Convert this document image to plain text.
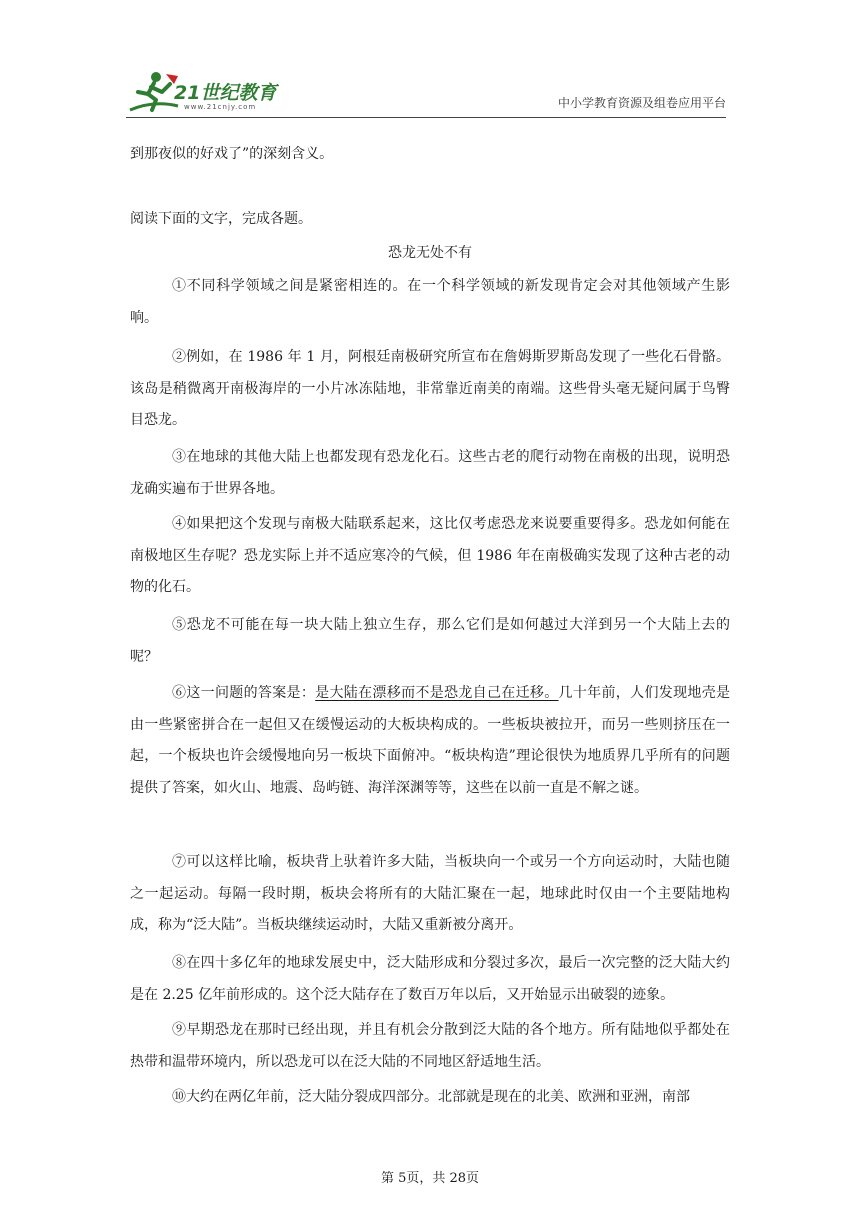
21世纪教育
www.21cnjy.com	中小学教育资源及组卷应用平台

到那夜似的好戏了”的深刻含义。

阅读下面的文字，完成各题。

恐龙无处不有

①不同科学领域之间是紧密相连的。在一个科学领域的新发现肯定会对其他领域产生影响。

②例如，在 1986 年 1 月，阿根廷南极研究所宣布在詹姆斯罗斯岛发现了一些化石骨骼。该岛是稍微离开南极海岸的一小片冰冻陆地，非常靠近南美的南端。这些骨头毫无疑问属于鸟臀目恐龙。

③在地球的其他大陆上也都发现有恐龙化石。这些古老的爬行动物在南极的出现，说明恐龙确实遍布于世界各地。

④如果把这个发现与南极大陆联系起来，这比仅考虑恐龙来说要重要得多。恐龙如何能在南极地区生存呢？恐龙实际上并不适应寒冷的气候，但 1986 年在南极确实发现了这种古老的动物的化石。

⑤恐龙不可能在每一块大陆上独立生存，那么它们是如何越过大洋到另一个大陆上去的呢？

⑥这一问题的答案是：是大陆在漂移而不是恐龙自己在迁移。几十年前，人们发现地壳是由一些紧密拼合在一起但又在缓慢运动的大板块构成的。一些板块被拉开，而另一些则挤压在一起，一个板块也许会缓慢地向另一板块下面俯冲。“板块构造”理论很快为地质界几乎所有的问题提供了答案，如火山、地震、岛屿链、海洋深渊等等，这些在以前一直是不解之谜。

⑦可以这样比喻，板块背上驮着许多大陆，当板块向一个或另一个方向运动时，大陆也随之一起运动。每隔一段时期，板块会将所有的大陆汇聚在一起，地球此时仅由一个主要陆地构成，称为“泛大陆”。当板块继续运动时，大陆又重新被分离开。

⑧在四十多亿年的地球发展史中，泛大陆形成和分裂过多次，最后一次完整的泛大陆大约是在 2.25 亿年前形成的。这个泛大陆存在了数百万年以后，又开始显示出破裂的迹象。

⑨早期恐龙在那时已经出现，并且有机会分散到泛大陆的各个地方。所有陆地似乎都处在热带和温带环境内，所以恐龙可以在泛大陆的不同地区舒适地生活。

⑩大约在两亿年前，泛大陆分裂成四部分。北部就是现在的北美、欧洲和亚洲，南部

第 5页，共 28页
